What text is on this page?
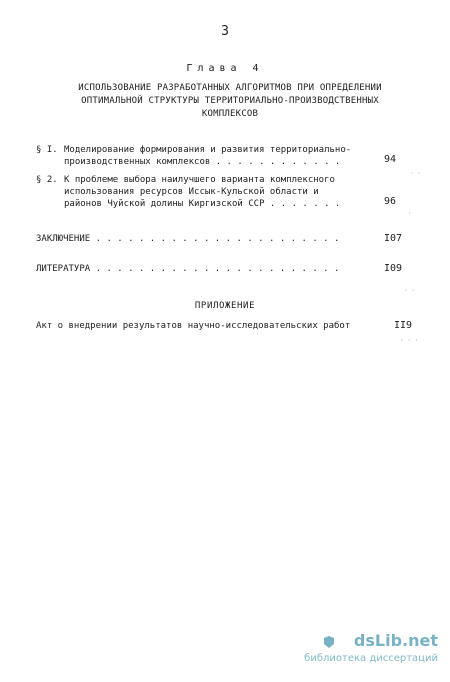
3
Глава 4
ИСПОЛЬЗОВАНИЕ РАЗРАБОТАННЫХ АЛГОРИТМОВ ПРИ ОПРЕДЕЛЕНИИ
ОПТИМАЛЬНОЙ СТРУКТУРЫ ТЕРРИТОРИАЛЬНО-ПРОИЗВОДСТВЕННЫХ
КОМПЛЕКСОВ
§ I. Моделирование формирования и развития территориально-
производственных комплексов . . . . . . . . . . . .	94
§ 2. К проблеме выбора наилучшего варианта комплексного
использования ресурсов Иссык-Кульской области и
районов Чуйской долины Киргизской ССР . . . . . . .	96
ЗАКЛЮЧЕНИЕ . . . . . . . . . . . . . . . . . . . . . . .	I07
ЛИТЕРАТУРА . . . . . . . . . . . . . . . . . . . . . . .	I09
ПРИЛОЖЕНИЕ
Акт о внедрении результатов научно-исследовательских работ	II9
· ·
· · ·
·
· ·
dsLib.net
библиотека диссертаций
